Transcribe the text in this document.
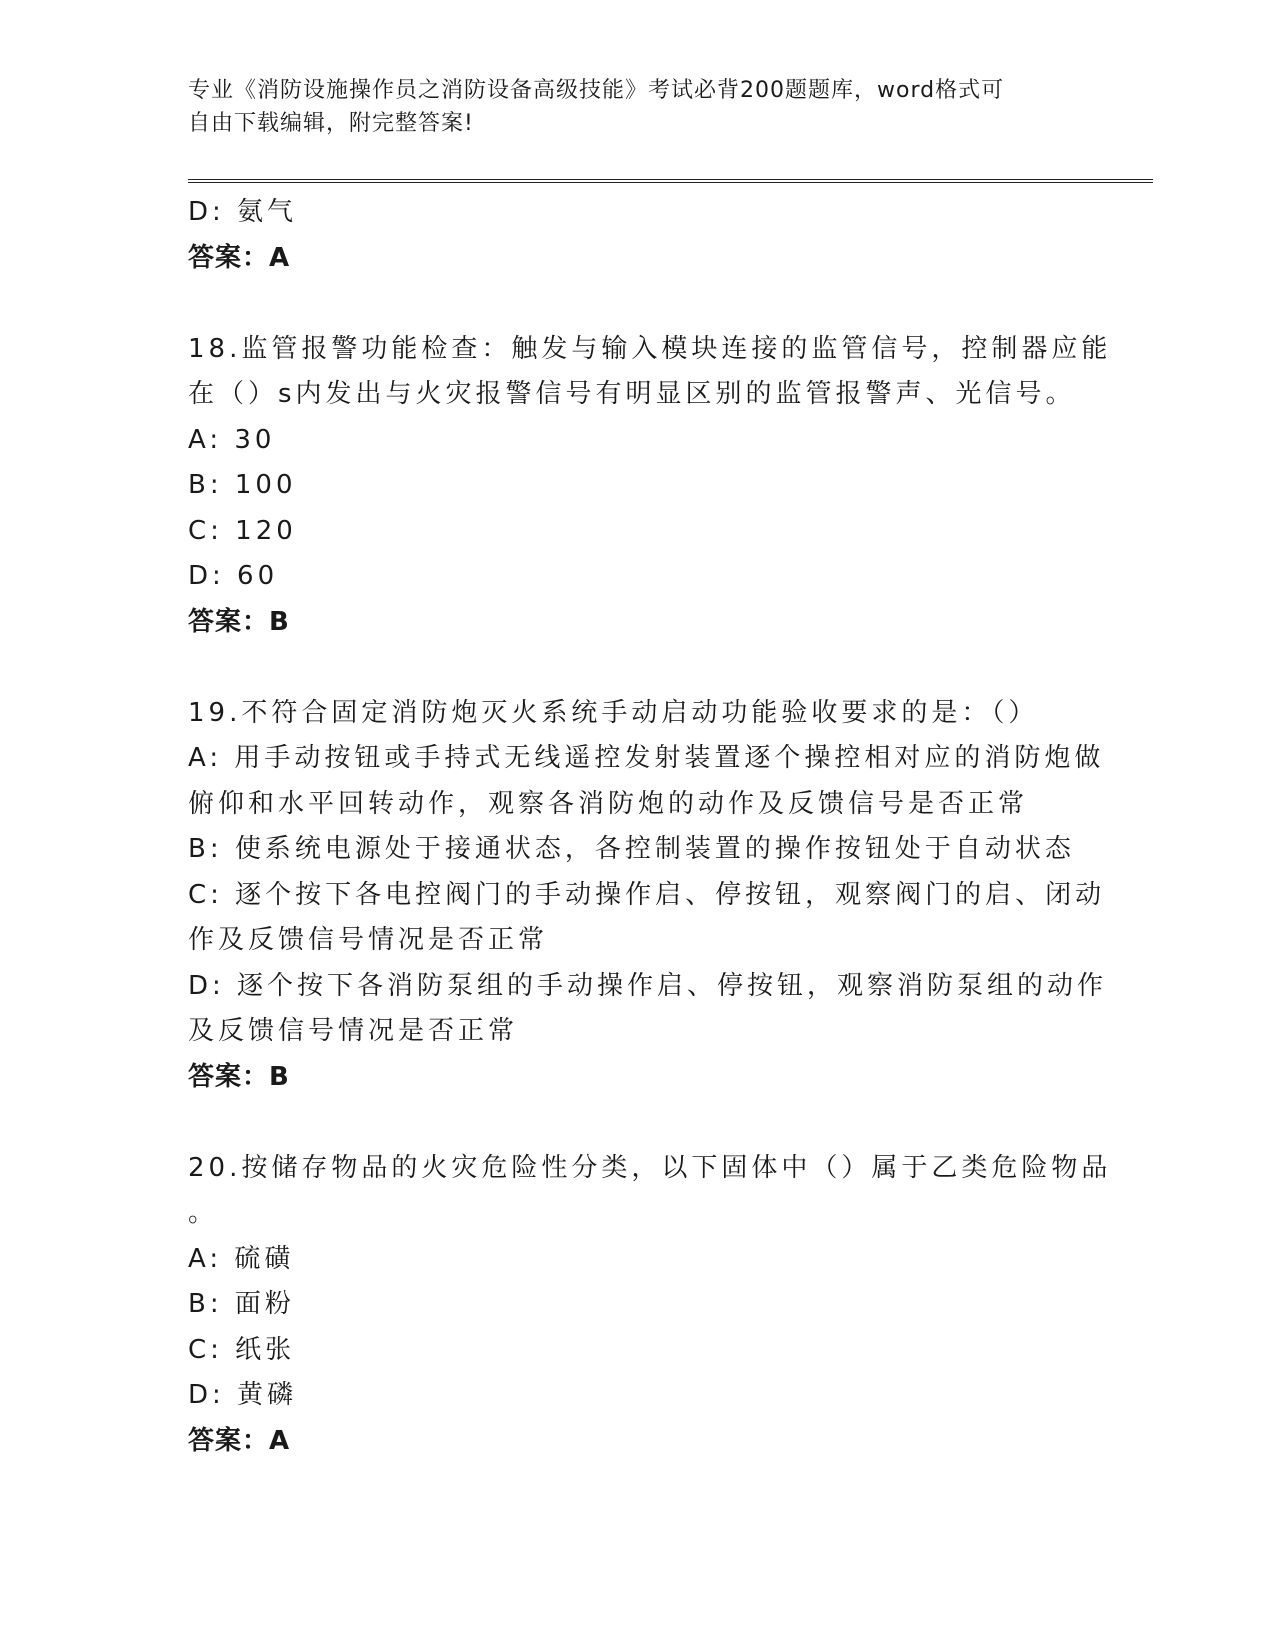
专业《消防设施操作员之消防设备高级技能》考试必背200题题库，word格式可
自由下载编辑，附完整答案!
D: 氨气
答案：A
18.监管报警功能检查：触发与输入模块连接的监管信号，控制器应能
在（）s内发出与火灾报警信号有明显区别的监管报警声、光信号。
A: 30
B: 100
C: 120
D: 60
答案：B
19.不符合固定消防炮灭火系统手动启动功能验收要求的是：（）
A: 用手动按钮或手持式无线遥控发射装置逐个操控相对应的消防炮做
俯仰和水平回转动作，观察各消防炮的动作及反馈信号是否正常
B: 使系统电源处于接通状态，各控制装置的操作按钮处于自动状态
C: 逐个按下各电控阀门的手动操作启、停按钮，观察阀门的启、闭动
作及反馈信号情况是否正常
D: 逐个按下各消防泵组的手动操作启、停按钮，观察消防泵组的动作
及反馈信号情况是否正常
答案：B
20.按储存物品的火灾危险性分类，以下固体中（）属于乙类危险物品
。
A: 硫磺
B: 面粉
C: 纸张
D: 黄磷
答案：A
